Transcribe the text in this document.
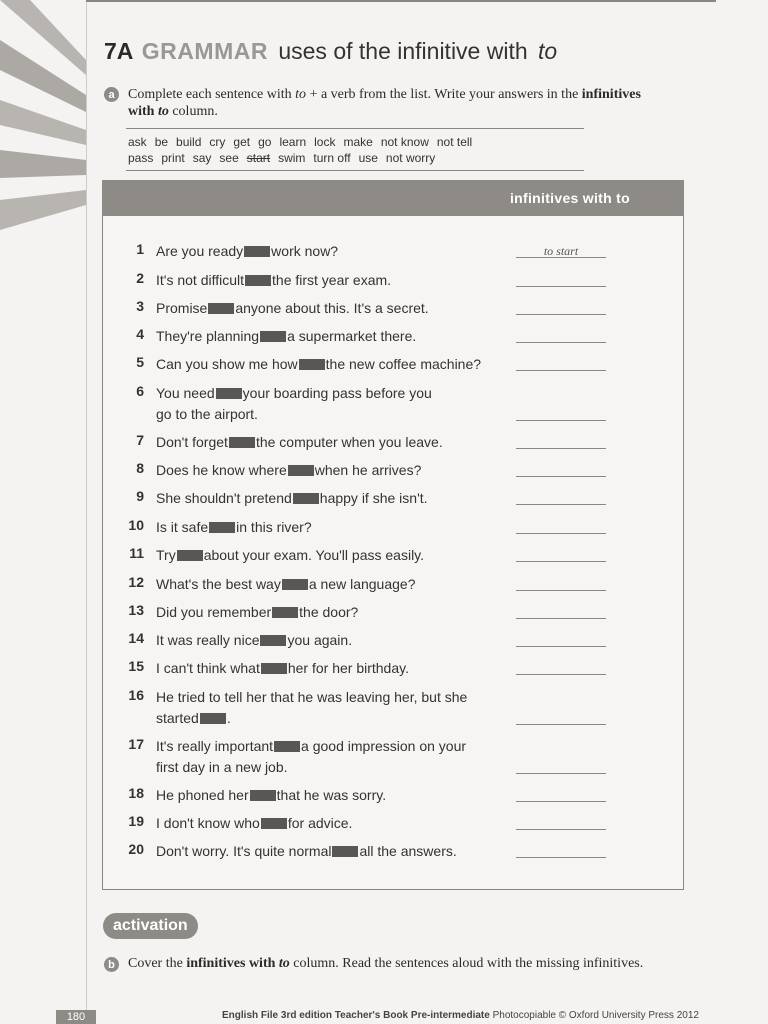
7A GRAMMAR uses of the infinitive with to
a Complete each sentence with to + a verb from the list. Write your answers in the infinitives
with to column.
ask be build cry get go learn lock make not know not tell
pass print say see start swim turn off use not worry
infinitives with to
1 Are you ready work now?	to start
2 It's not difficult the first year exam.
3 Promise anyone about this. It's a secret.
4 They're planning a supermarket there.
5 Can you show me how the new coffee machine?
6 You need your boarding pass before you
go to the airport.
7 Don't forget the computer when you leave.
8 Does he know where when he arrives?
9 She shouldn't pretend happy if she isn't.
10 Is it safe in this river?
11 Try about your exam. You'll pass easily.
12 What's the best way a new language?
13 Did you remember the door?
14 It was really nice you again.
15 I can't think what her for her birthday.
16 He tried to tell her that he was leaving her, but she
started .
17 It's really important a good impression on your
first day in a new job.
18 He phoned her that he was sorry.
19 I don't know who for advice.
20 Don't worry. It's quite normal all the answers.
activation
b Cover the infinitives with to column. Read the sentences aloud with the missing infinitives.
180	English File 3rd edition Teacher's Book Pre-intermediate Photocopiable © Oxford University Press 2012
